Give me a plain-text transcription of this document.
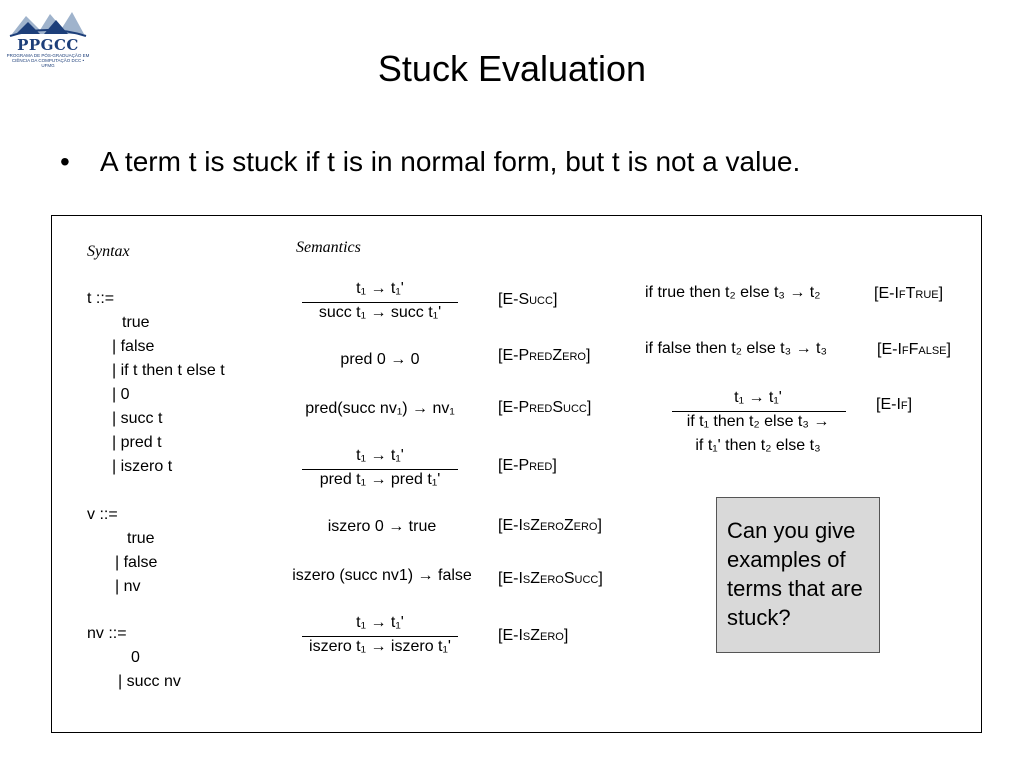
PPGCC
PROGRAMA DE PÓS-GRADUAÇÃO EM CIÊNCIA DA COMPUTAÇÃO DCC • UFMG	Stuck Evaluation
• A term t is stuck if t is in normal form, but t is not a value.
Syntax
t ::=
true
| false
| if t then t else t
| 0
| succ t
| pred t
| iszero t
v ::=
true
| false
| nv
nv ::=
0
| succ nv
Semantics
t₁ → t₁'
succ t₁ → succ t₁'
[E-Succ]
pred 0 → 0	[E-PredZero]
pred(succ nv₁) → nv₁	[E-PredSucc]
t₁ → t₁'
pred t₁ → pred t₁'
[E-Pred]
iszero 0 → true	[E-IsZeroZero]
iszero (succ nv1) → false	[E-IsZeroSucc]
t₁ → t₁'
iszero t₁ → iszero t₁'
[E-IsZero]
if true then t₂ else t₃ → t₂	[E-IfTrue]
if false then t₂ else t₃ → t₃	[E-IfFalse]
t₁ → t₁'
if t₁ then t₂ else t₃ →
if t₁' then t₂ else t₃
[E-If]
Can you give examples of terms that are stuck?
